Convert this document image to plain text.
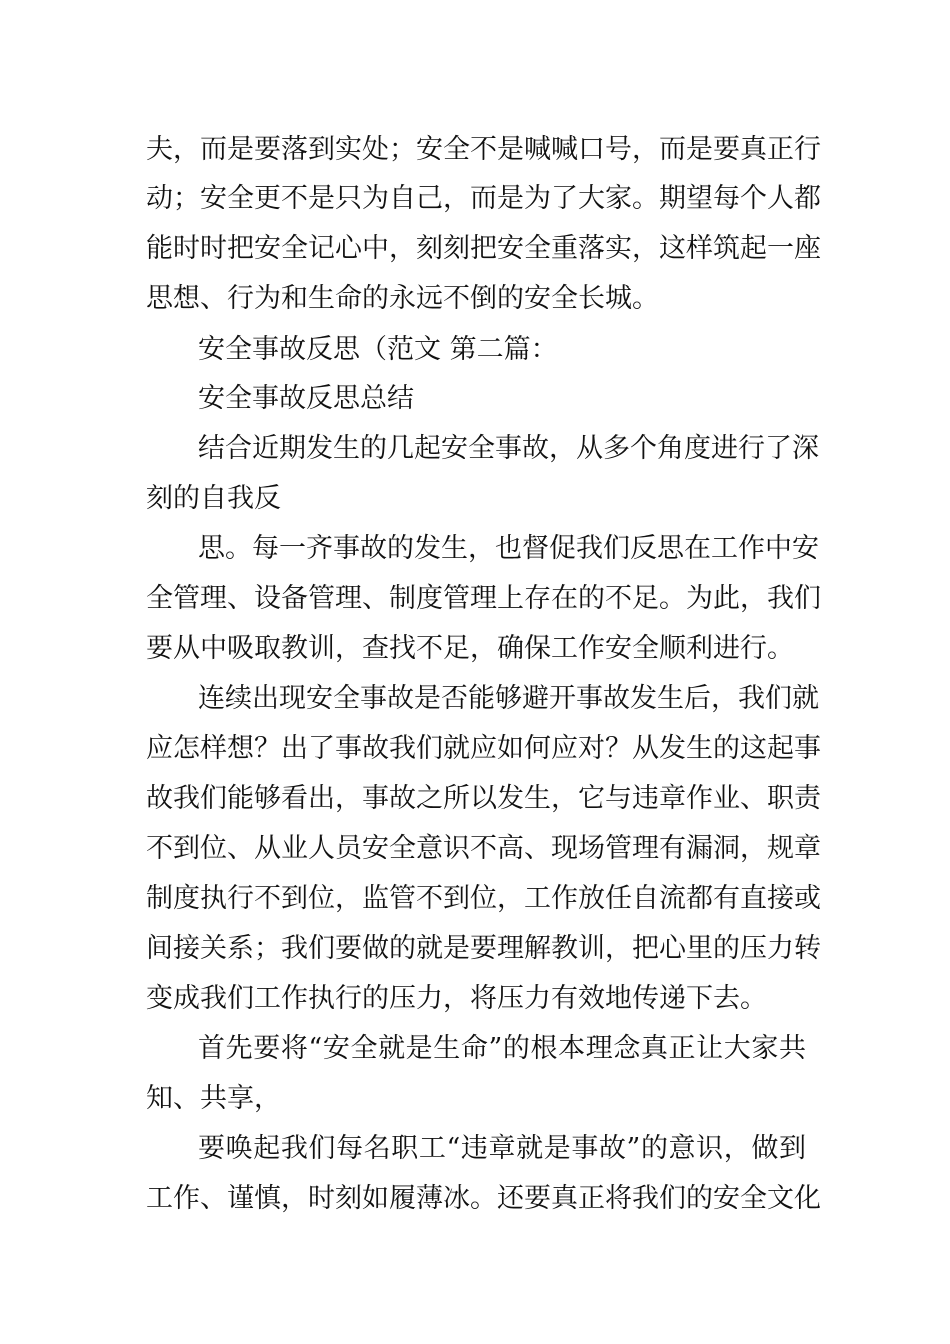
夫，而是要落到实处；安全不是喊喊口号，而是要真正行
动；安全更不是只为自己，而是为了大家。期望每个人都
能时时把安全记心中，刻刻把安全重落实，这样筑起一座
思想、行为和生命的永远不倒的安全长城。
安全事故反思（范文 第二篇：
安全事故反思总结
结合近期发生的几起安全事故，从多个角度进行了深
刻的自我反
思。每一齐事故的发生，也督促我们反思在工作中安
全管理、设备管理、制度管理上存在的不足。为此，我们
要从中吸取教训，查找不足，确保工作安全顺利进行。
连续出现安全事故是否能够避开事故发生后，我们就
应怎样想？出了事故我们就应如何应对？从发生的这起事
故我们能够看出，事故之所以发生，它与违章作业、职责
不到位、从业人员安全意识不高、现场管理有漏洞，规章
制度执行不到位，监管不到位，工作放任自流都有直接或
间接关系；我们要做的就是要理解教训，把心里的压力转
变成我们工作执行的压力，将压力有效地传递下去。
首先要将“安全就是生命”的根本理念真正让大家共
知、共享，
要唤起我们每名职工“违章就是事故”的意识，做到
工作、谨慎，时刻如履薄冰。还要真正将我们的安全文化
